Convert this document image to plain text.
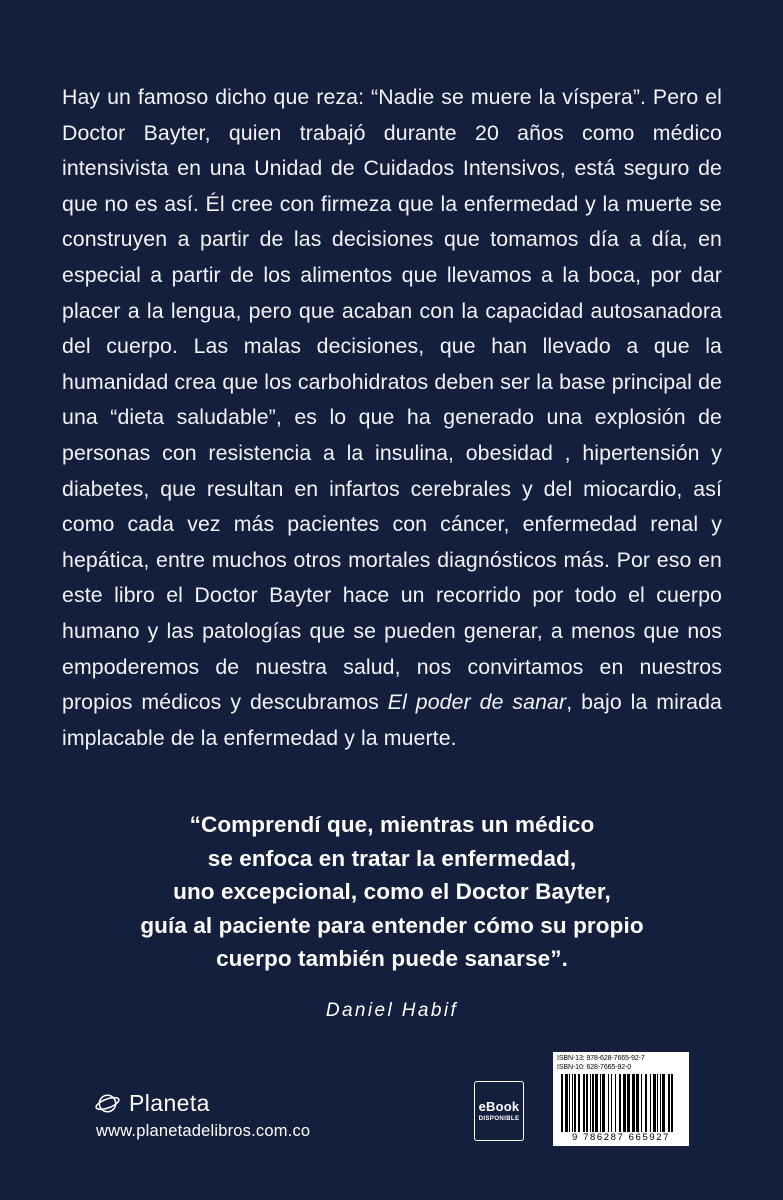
Hay un famoso dicho que reza: “Nadie se muere la víspera”. Pero el Doctor Bayter, quien trabajó durante 20 años como médico intensivista en una Unidad de Cuidados Intensivos, está seguro de que no es así. Él cree con firmeza que la enfermedad y la muerte se construyen a partir de las decisiones que tomamos día a día, en especial a partir de los alimentos que llevamos a la boca, por dar placer a la lengua, pero que acaban con la capacidad autosanadora del cuerpo. Las malas decisiones, que han llevado a que la humanidad crea que los carbohidratos deben ser la base principal de una “dieta saludable”, es lo que ha generado una explosión de personas con resistencia a la insulina, obesidad , hipertensión y diabetes, que resultan en infartos cerebrales y del miocardio, así como cada vez más pacientes con cáncer, enfermedad renal y hepática, entre muchos otros mortales diagnósticos más. Por eso en este libro el Doctor Bayter hace un recorrido por todo el cuerpo humano y las patologías que se pueden generar, a menos que nos empoderemos de nuestra salud, nos convirtamos en nuestros propios médicos y descubramos El poder de sanar, bajo la mirada implacable de la enfermedad y la muerte.
“Comprendí que, mientras un médico
se enfoca en tratar la enfermedad,
uno excepcional, como el Doctor Bayter,
guía al paciente para entender cómo su propio
cuerpo también puede sanarse”.
Daniel Habif
Planeta
www.planetadelibros.com.co
eBook
DISPONIBLE
ISBN-13: 978-628-7665-92-7
ISBN-10: 628-7665-92-0
9 786287 665927
